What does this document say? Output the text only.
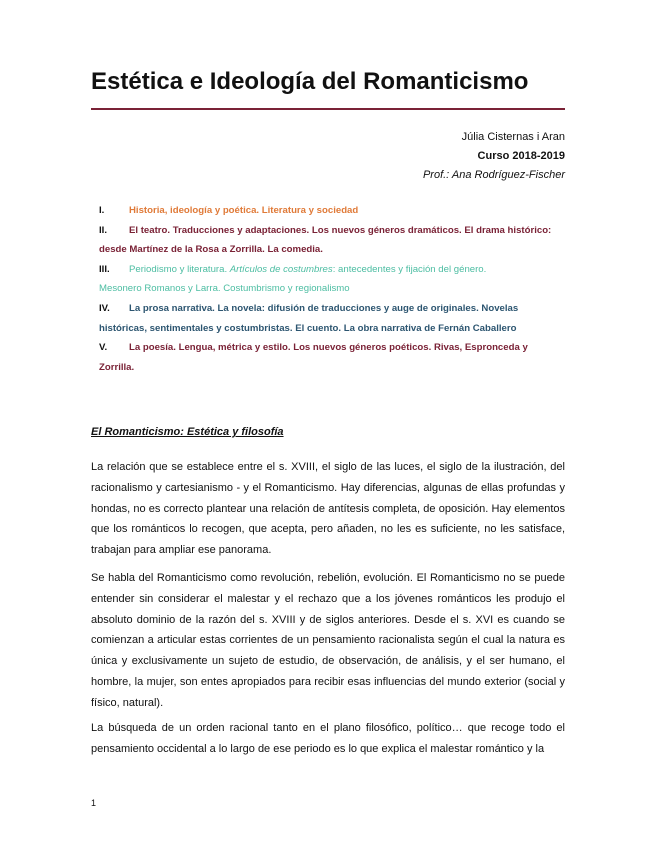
Estética e Ideología del Romanticismo
Júlia Cisternas i Aran
Curso 2018-2019
Prof.: Ana Rodríguez-Fischer
I.	Historia, ideología y poética. Literatura y sociedad
II.	El teatro. Traducciones y adaptaciones. Los nuevos géneros dramáticos. El drama histórico:
desde Martínez de la Rosa a Zorrilla. La comedia.
III.	Periodismo y literatura. Artículos de costumbres: antecedentes y fijación del género.
Mesonero Romanos y Larra. Costumbrismo y regionalismo
IV.	La prosa narrativa. La novela: difusión de traducciones y auge de originales. Novelas
históricas, sentimentales y costumbristas. El cuento. La obra narrativa de Fernán Caballero
V.	La poesía. Lengua, métrica y estilo. Los nuevos géneros poéticos. Rivas, Espronceda y
Zorrilla.
El Romanticismo: Estética y filosofía

La relación que se establece entre el s. XVIII, el siglo de las luces, el siglo de la ilustración, del racionalismo y cartesianismo - y el Romanticismo. Hay diferencias, algunas de ellas profundas y hondas, no es correcto plantear una relación de antítesis completa, de oposición. Hay elementos que los románticos lo recogen, que acepta, pero añaden, no les es suficiente, no les satisface, trabajan para ampliar ese panorama.

Se habla del Romanticismo como revolución, rebelión, evolución. El Romanticismo no se puede entender sin considerar el malestar y el rechazo que a los jóvenes románticos les produjo el absoluto dominio de la razón del s. XVIII y de siglos anteriores. Desde el s. XVI es cuando se comienzan a articular estas corrientes de un pensamiento racionalista según el cual la natura es única y exclusivamente un sujeto de estudio, de observación, de análisis, y el ser humano, el hombre, la mujer, son entes apropiados para recibir esas influencias del mundo exterior (social y físico, natural).

La búsqueda de un orden racional tanto en el plano filosófico, político… que recoge todo el pensamiento occidental a lo largo de ese periodo es lo que explica el malestar romántico y la

1
